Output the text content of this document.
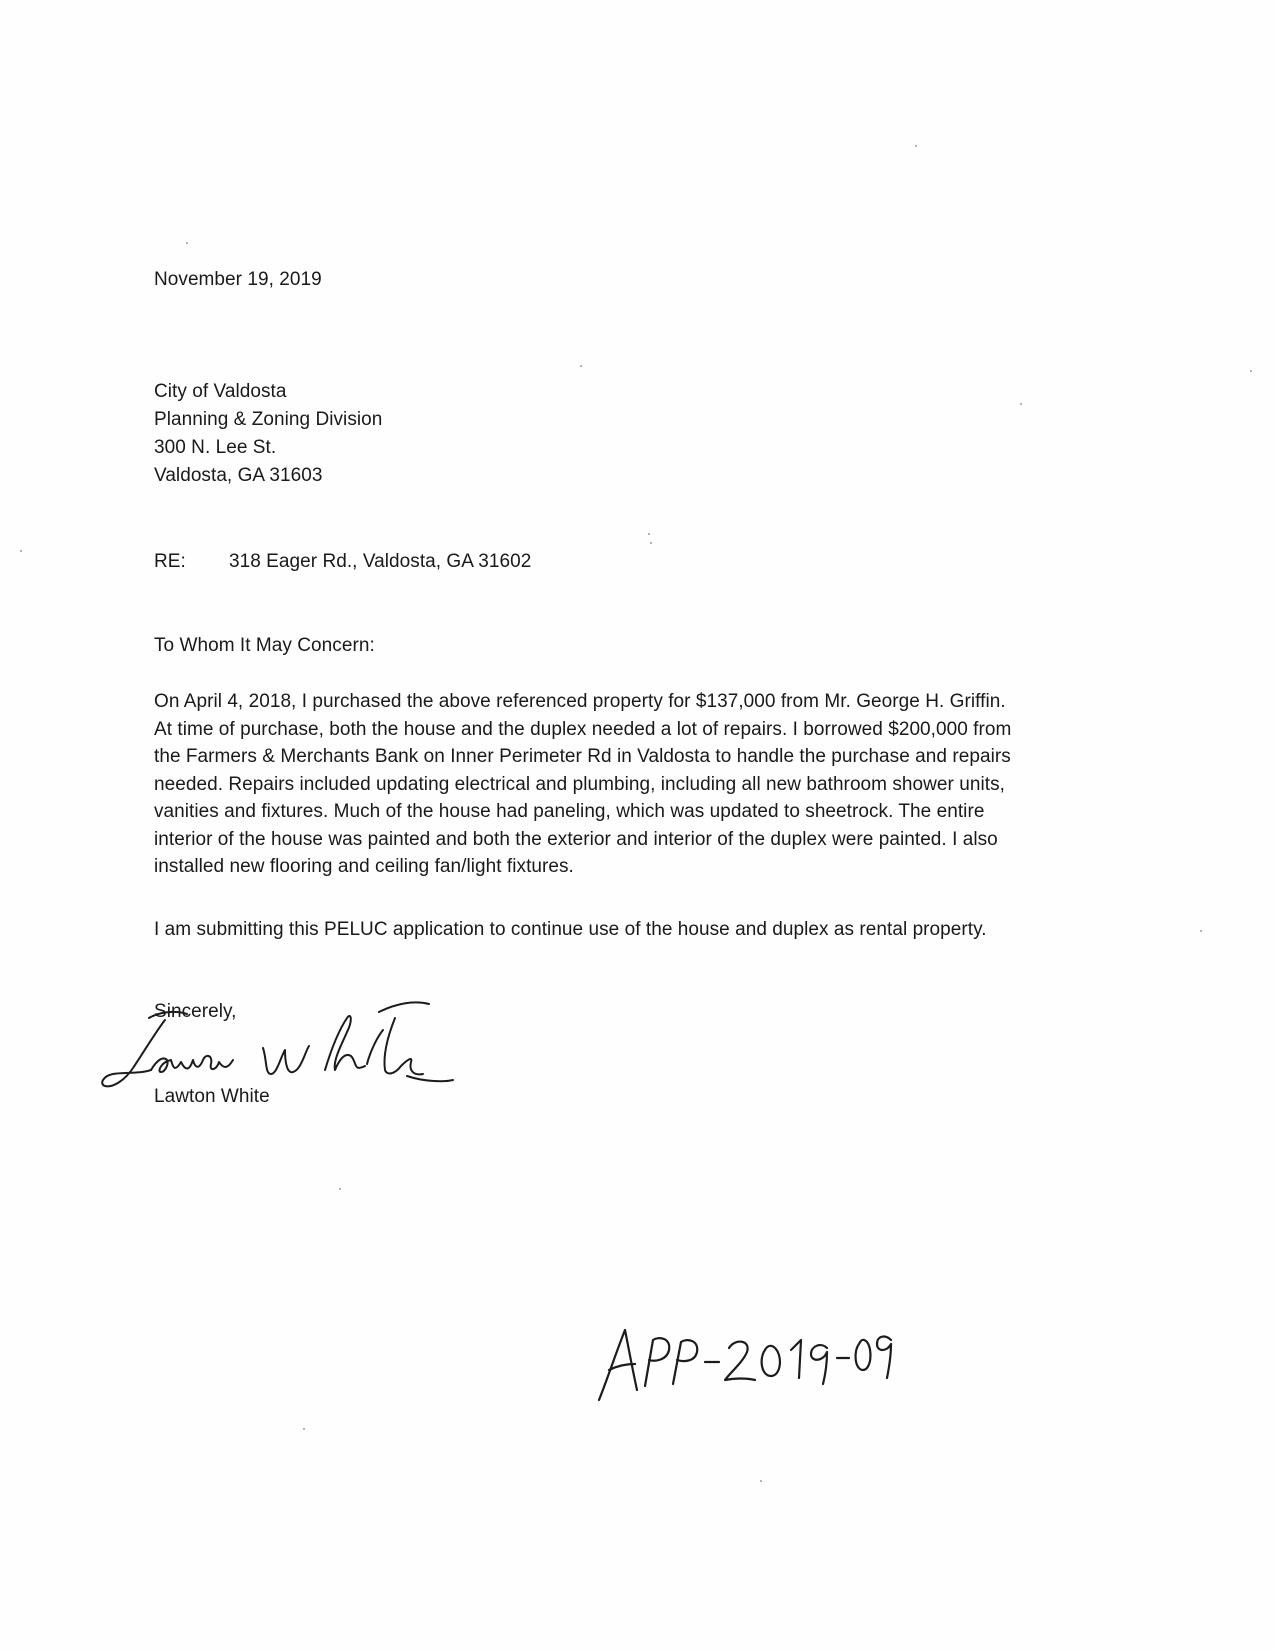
November 19, 2019
City of Valdosta
Planning & Zoning Division
300 N. Lee St.
Valdosta, GA 31603
RE: 318 Eager Rd., Valdosta, GA 31602
To Whom It May Concern:
On April 4, 2018, I purchased the above referenced property for $137,000 from Mr. George H. Griffin.
At time of purchase, both the house and the duplex needed a lot of repairs. I borrowed $200,000 from
the Farmers & Merchants Bank on Inner Perimeter Rd in Valdosta to handle the purchase and repairs
needed. Repairs included updating electrical and plumbing, including all new bathroom shower units,
vanities and fixtures. Much of the house had paneling, which was updated to sheetrock. The entire
interior of the house was painted and both the exterior and interior of the duplex were painted. I also
installed new flooring and ceiling fan/light fixtures.
I am submitting this PELUC application to continue use of the house and duplex as rental property.
Sincerely,
Lawton White
